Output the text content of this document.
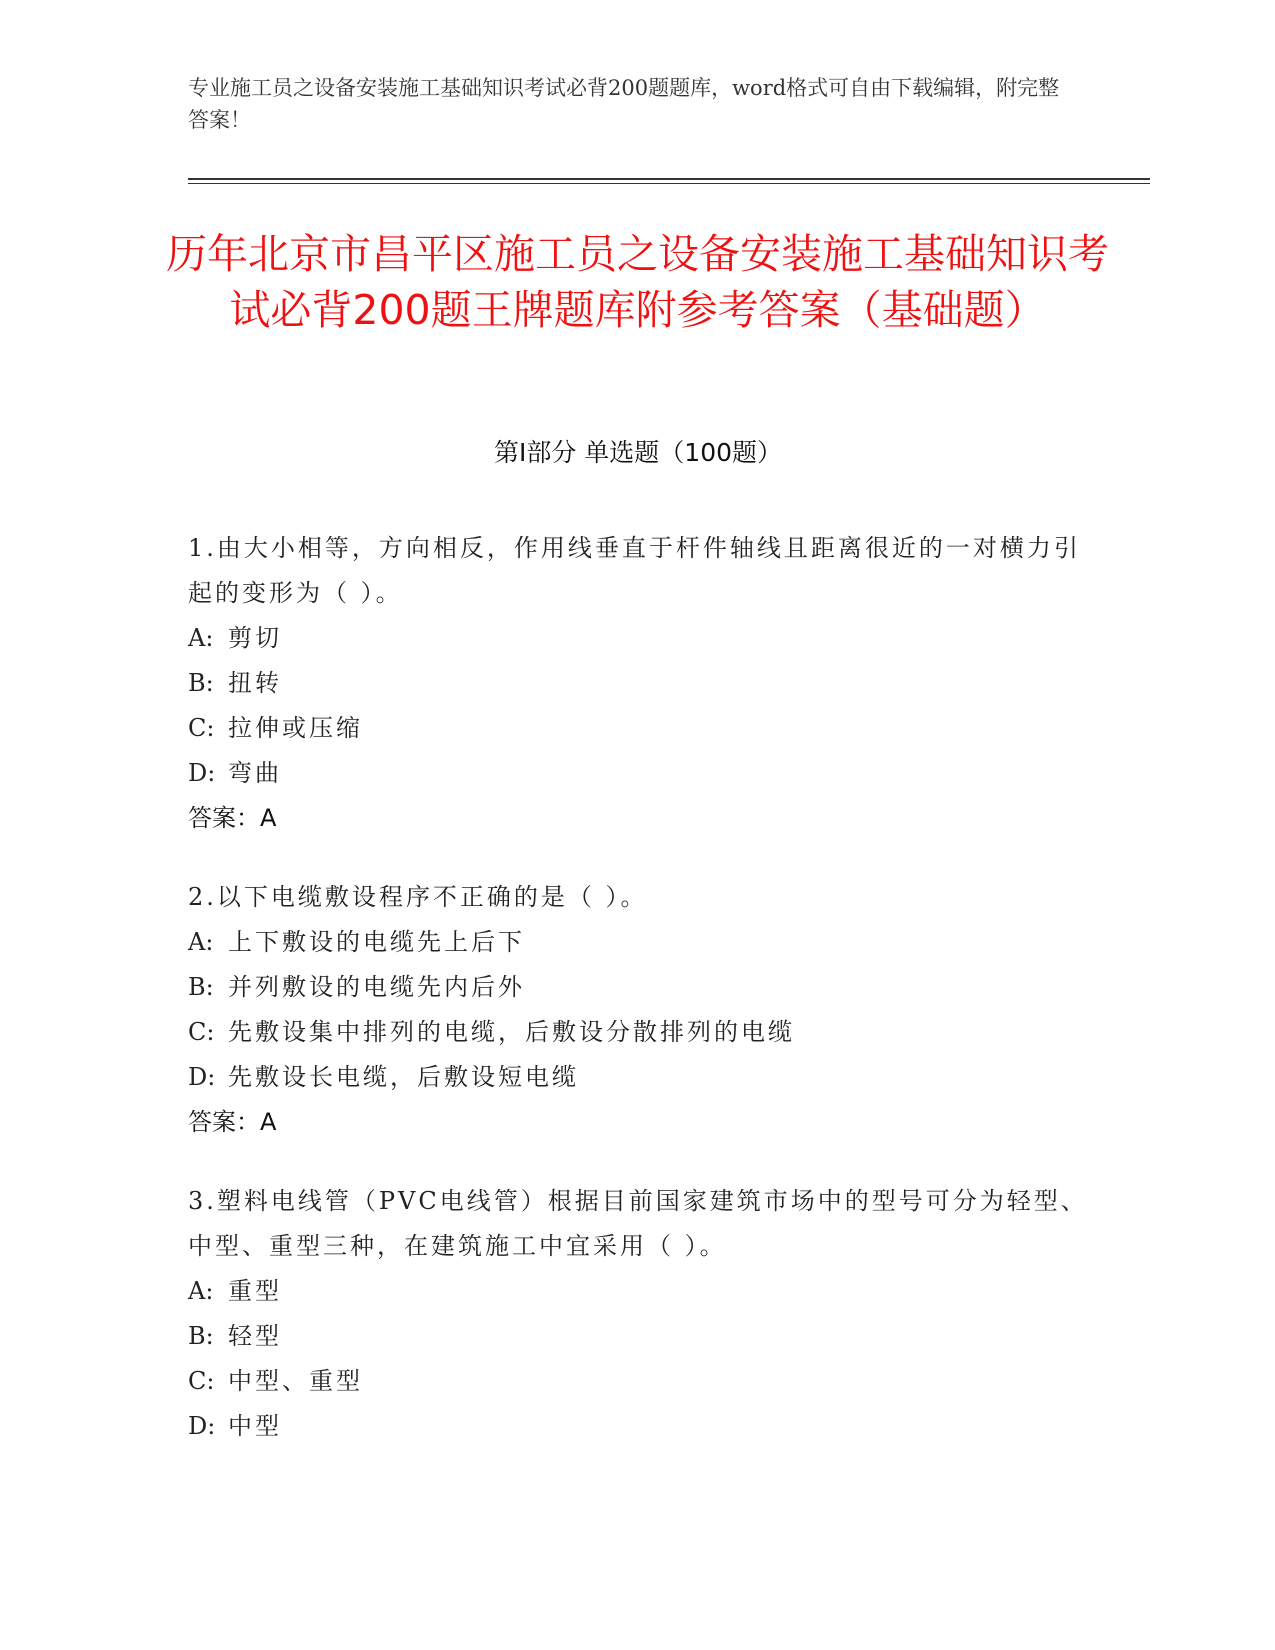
专业施工员之设备安装施工基础知识考试必背200题题库，word格式可自由下载编辑，附完整答案！
历年北京市昌平区施工员之设备安装施工基础知识考试必背200题王牌题库附参考答案（基础题）
第I部分 单选题（100题）
1.由大小相等，方向相反，作用线垂直于杆件轴线且距离很近的一对横力引起的变形为（ ）。
A: 剪切
B: 扭转
C: 拉伸或压缩
D: 弯曲
答案：A
2.以下电缆敷设程序不正确的是（ ）。
A: 上下敷设的电缆先上后下
B: 并列敷设的电缆先内后外
C: 先敷设集中排列的电缆，后敷设分散排列的电缆
D: 先敷设长电缆，后敷设短电缆
答案：A
3.塑料电线管（PVC电线管）根据目前国家建筑市场中的型号可分为轻型、中型、重型三种，在建筑施工中宜采用（ ）。
A: 重型
B: 轻型
C: 中型、重型
D: 中型
